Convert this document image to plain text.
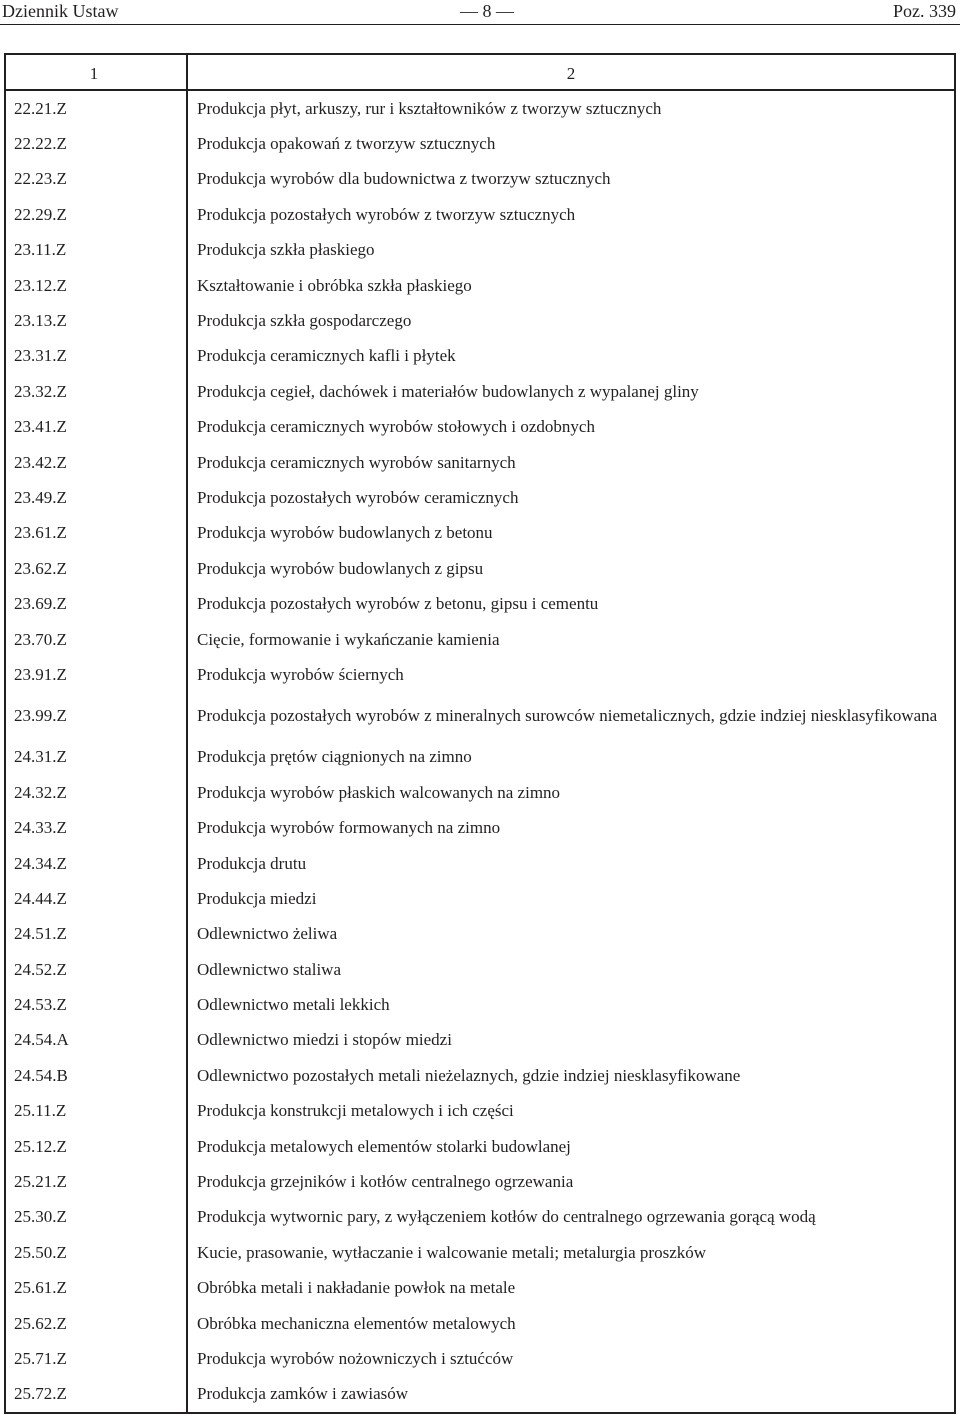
Dziennik Ustaw	— 8 —	Poz. 339
1	2
22.21.Z	Produkcja płyt, arkuszy, rur i kształtowników z tworzyw sztucznych
22.22.Z	Produkcja opakowań z tworzyw sztucznych
22.23.Z	Produkcja wyrobów dla budownictwa z tworzyw sztucznych
22.29.Z	Produkcja pozostałych wyrobów z tworzyw sztucznych
23.11.Z	Produkcja szkła płaskiego
23.12.Z	Kształtowanie i obróbka szkła płaskiego
23.13.Z	Produkcja szkła gospodarczego
23.31.Z	Produkcja ceramicznych kafli i płytek
23.32.Z	Produkcja cegieł, dachówek i materiałów budowlanych z wypalanej gliny
23.41.Z	Produkcja ceramicznych wyrobów stołowych i ozdobnych
23.42.Z	Produkcja ceramicznych wyrobów sanitarnych
23.49.Z	Produkcja pozostałych wyrobów ceramicznych
23.61.Z	Produkcja wyrobów budowlanych z betonu
23.62.Z	Produkcja wyrobów budowlanych z gipsu
23.69.Z	Produkcja pozostałych wyrobów z betonu, gipsu i cementu
23.70.Z	Cięcie, formowanie i wykańczanie kamienia
23.91.Z	Produkcja wyrobów ściernych
23.99.Z	Produkcja pozostałych wyrobów z mineralnych surowców niemetalicznych, gdzie indziej niesklasyfikowana
24.31.Z	Produkcja prętów ciągnionych na zimno
24.32.Z	Produkcja wyrobów płaskich walcowanych na zimno
24.33.Z	Produkcja wyrobów formowanych na zimno
24.34.Z	Produkcja drutu
24.44.Z	Produkcja miedzi
24.51.Z	Odlewnictwo żeliwa
24.52.Z	Odlewnictwo staliwa
24.53.Z	Odlewnictwo metali lekkich
24.54.A	Odlewnictwo miedzi i stopów miedzi
24.54.B	Odlewnictwo pozostałych metali nieżelaznych, gdzie indziej niesklasyfikowane
25.11.Z	Produkcja konstrukcji metalowych i ich części
25.12.Z	Produkcja metalowych elementów stolarki budowlanej
25.21.Z	Produkcja grzejników i kotłów centralnego ogrzewania
25.30.Z	Produkcja wytwornic pary, z wyłączeniem kotłów do centralnego ogrzewania gorącą wodą
25.50.Z	Kucie, prasowanie, wytłaczanie i walcowanie metali; metalurgia proszków
25.61.Z	Obróbka metali i nakładanie powłok na metale
25.62.Z	Obróbka mechaniczna elementów metalowych
25.71.Z	Produkcja wyrobów nożowniczych i sztućców
25.72.Z	Produkcja zamków i zawiasów
